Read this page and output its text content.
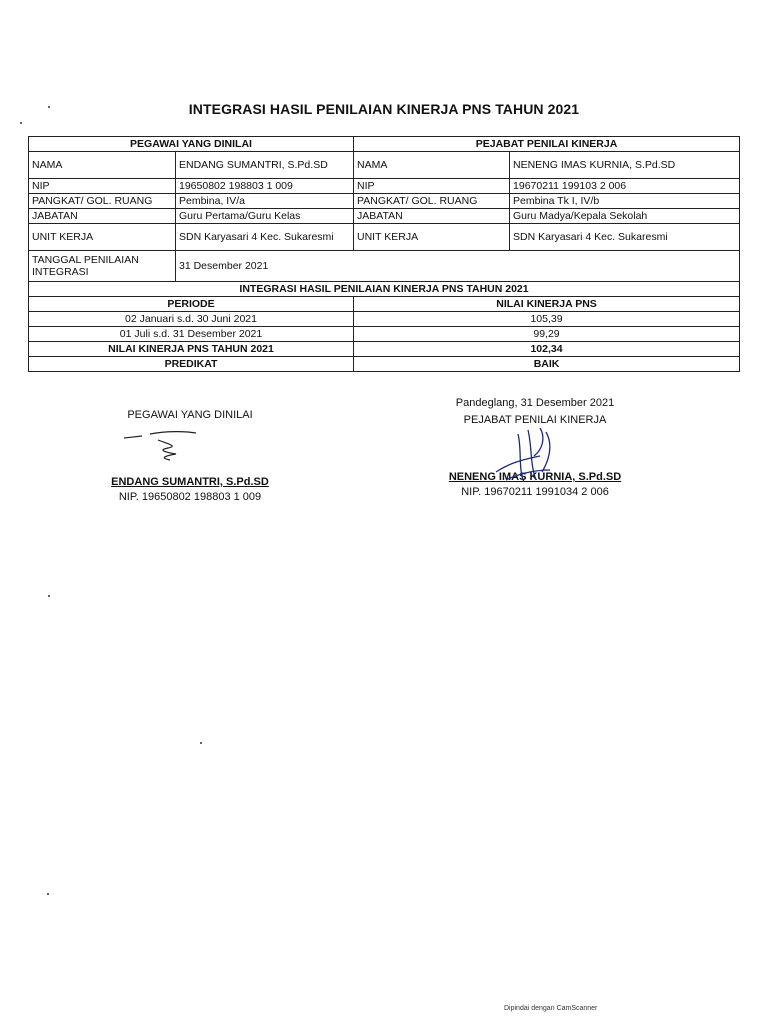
INTEGRASI HASIL PENILAIAN KINERJA PNS TAHUN 2021
PEGAWAI YANG DINILAI		PEJABAT PENILAI KINERJA	
NAMA	ENDANG SUMANTRI, S.Pd.SD	NAMA	NENENG IMAS KURNIA, S.Pd.SD
NIP	19650802 198803 1 009	NIP	19670211 199103 2 006
PANGKAT/ GOL. RUANG	Pembina, IV/a	PANGKAT/ GOL. RUANG	Pembina Tk I, IV/b
JABATAN	Guru Pertama/Guru Kelas	JABATAN	Guru Madya/Kepala Sekolah
UNIT KERJA	SDN Karyasari 4 Kec. Sukaresmi	UNIT KERJA	SDN Karyasari 4 Kec. Sukaresmi
TANGGAL PENILAIAN INTEGRASI	31 Desember 2021		
INTEGRASI HASIL PENILAIAN KINERJA PNS TAHUN 2021			
PERIODE		NILAI KINERJA PNS	
02 Januari s.d. 30 Juni 2021		105,39	
01 Juli s.d. 31 Desember 2021		99,29	
NILAI KINERJA PNS TAHUN 2021		102,34	
PREDIKAT		BAIK	
PEGAWAI YANG DINILAI
ENDANG SUMANTRI, S.Pd.SD
NIP. 19650802 198803 1 009
Pandeglang, 31 Desember 2021
PEJABAT PENILAI KINERJA
NENENG IMAS KURNIA, S.Pd.SD
NIP. 19670211 1991034 2 006
Dipindai dengan CamScanner
